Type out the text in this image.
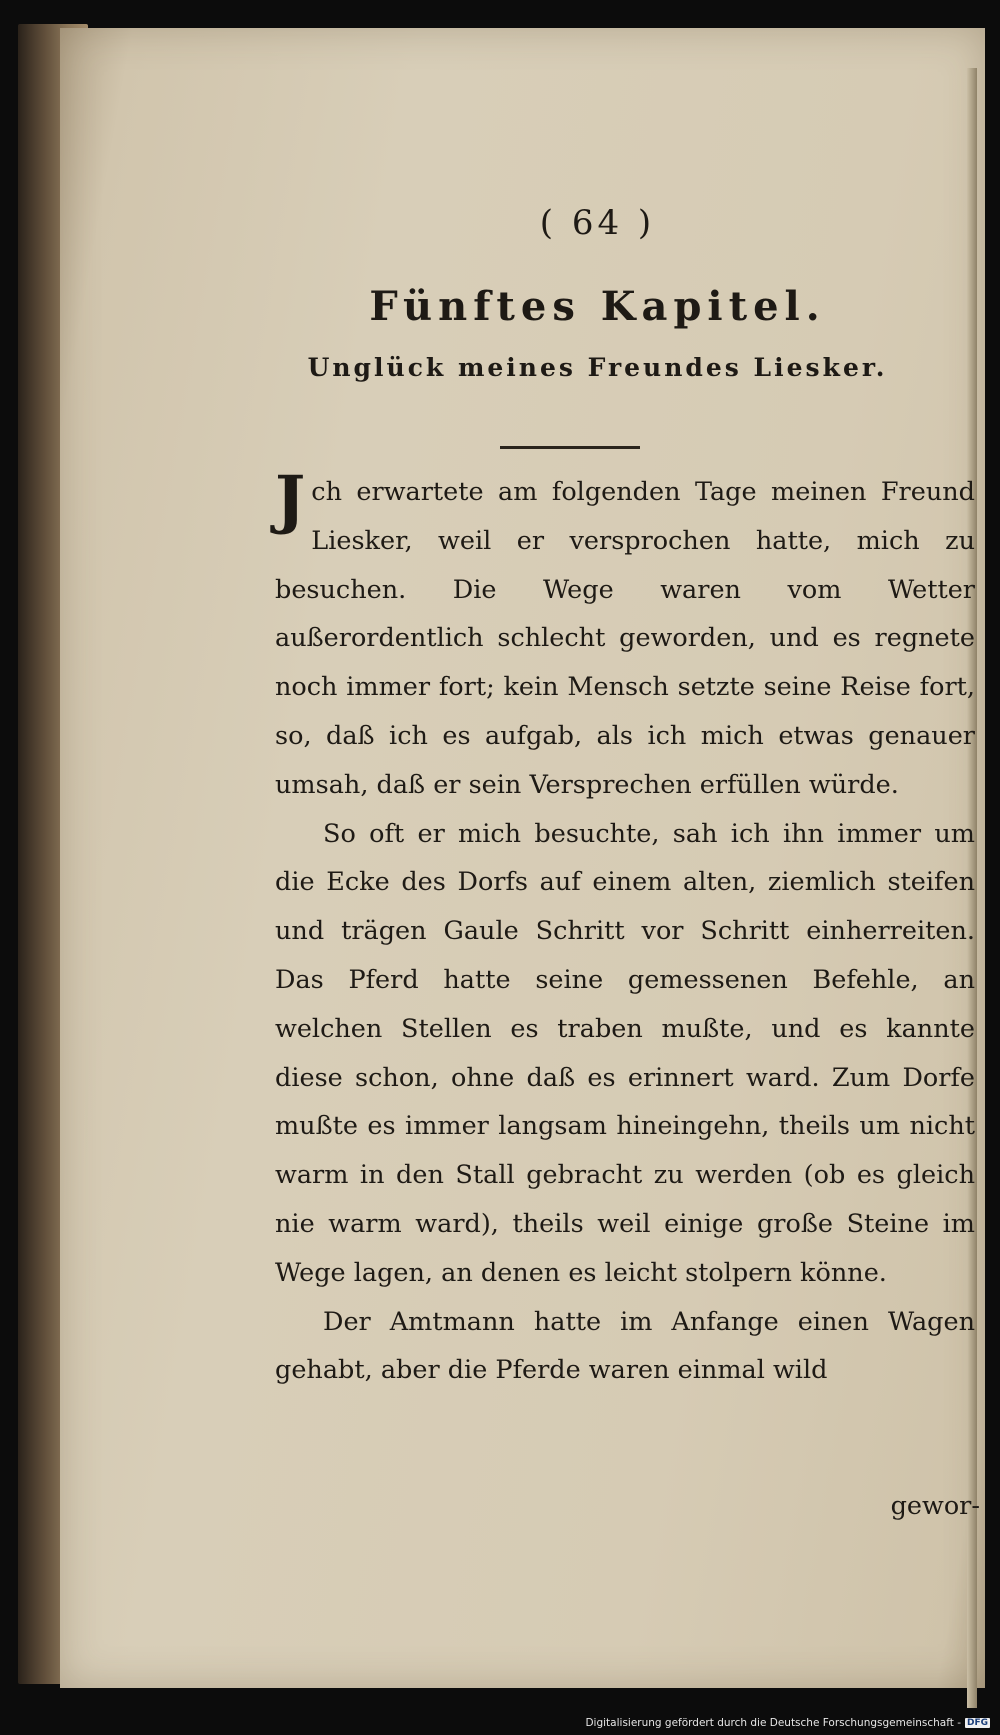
( 64 )
Fünftes Kapitel.
Unglück meines Freundes Liesker.

Jch erwartete am folgenden Tage meinen Freund Liesker, weil er versprochen hatte, mich zu besuchen. Die Wege waren vom Wetter außerordentlich schlecht geworden, und es regnete noch immer fort; kein Mensch setzte seine Reise fort, so, daß ich es aufgab, als ich mich etwas genauer umsah, daß er sein Versprechen erfüllen würde.

So oft er mich besuchte, sah ich ihn immer um die Ecke des Dorfs auf einem alten, ziemlich steifen und trägen Gaule Schritt vor Schritt einherreiten. Das Pferd hatte seine gemessenen Befehle, an welchen Stellen es traben mußte, und es kannte diese schon, ohne daß es erinnert ward. Zum Dorfe mußte es immer langsam hineingehn, theils um nicht warm in den Stall gebracht zu werden (ob es gleich nie warm ward), theils weil einige große Steine im Wege lagen, an denen es leicht stolpern könne.

Der Amtmann hatte im Anfange einen Wagen gehabt, aber die Pferde waren einmal wild

gewor-
Digitalisierung gefördert durch die Deutsche Forschungsgemeinschaft - DFG
